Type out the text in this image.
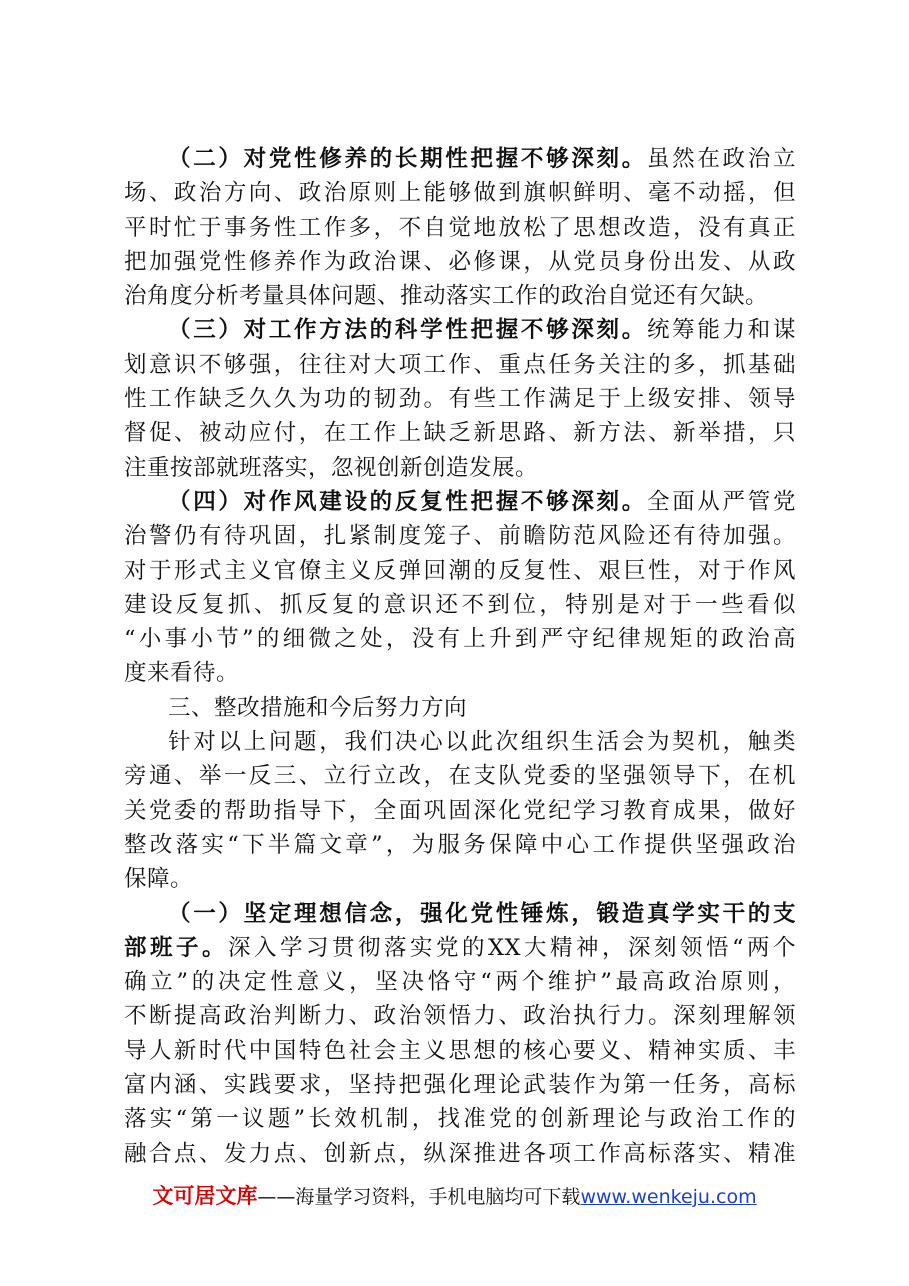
（二）对党性修养的长期性把握不够深刻。虽然在政治立
场、政治方向、政治原则上能够做到旗帜鲜明、毫不动摇，但
平时忙于事务性工作多，不自觉地放松了思想改造，没有真正
把加强党性修养作为政治课、必修课，从党员身份出发、从政
治角度分析考量具体问题、推动落实工作的政治自觉还有欠缺。
（三）对工作方法的科学性把握不够深刻。统筹能力和谋
划意识不够强，往往对大项工作、重点任务关注的多，抓基础
性工作缺乏久久为功的韧劲。有些工作满足于上级安排、领导
督促、被动应付，在工作上缺乏新思路、新方法、新举措，只
注重按部就班落实，忽视创新创造发展。
（四）对作风建设的反复性把握不够深刻。全面从严管党
治警仍有待巩固，扎紧制度笼子、前瞻防范风险还有待加强。
对于形式主义官僚主义反弹回潮的反复性、艰巨性，对于作风
建设反复抓、抓反复的意识还不到位，特别是对于一些看似
“小事小节”的细微之处，没有上升到严守纪律规矩的政治高
度来看待。
三、整改措施和今后努力方向
针对以上问题，我们决心以此次组织生活会为契机，触类
旁通、举一反三、立行立改，在支队党委的坚强领导下，在机
关党委的帮助指导下，全面巩固深化党纪学习教育成果，做好
整改落实“下半篇文章”，为服务保障中心工作提供坚强政治
保障。
（一）坚定理想信念，强化党性锤炼，锻造真学实干的支
部班子。深入学习贯彻落实党的XX大精神，深刻领悟“两个
确立”的决定性意义，坚决恪守“两个维护”最高政治原则，
不断提高政治判断力、政治领悟力、政治执行力。深刻理解领
导人新时代中国特色社会主义思想的核心要义、精神实质、丰
富内涵、实践要求，坚持把强化理论武装作为第一任务，高标
落实“第一议题”长效机制，找准党的创新理论与政治工作的
融合点、发力点、创新点，纵深推进各项工作高标落实、精准
文可居文库——海量学习资料，手机电脑均可下载www.wenkeju.com
